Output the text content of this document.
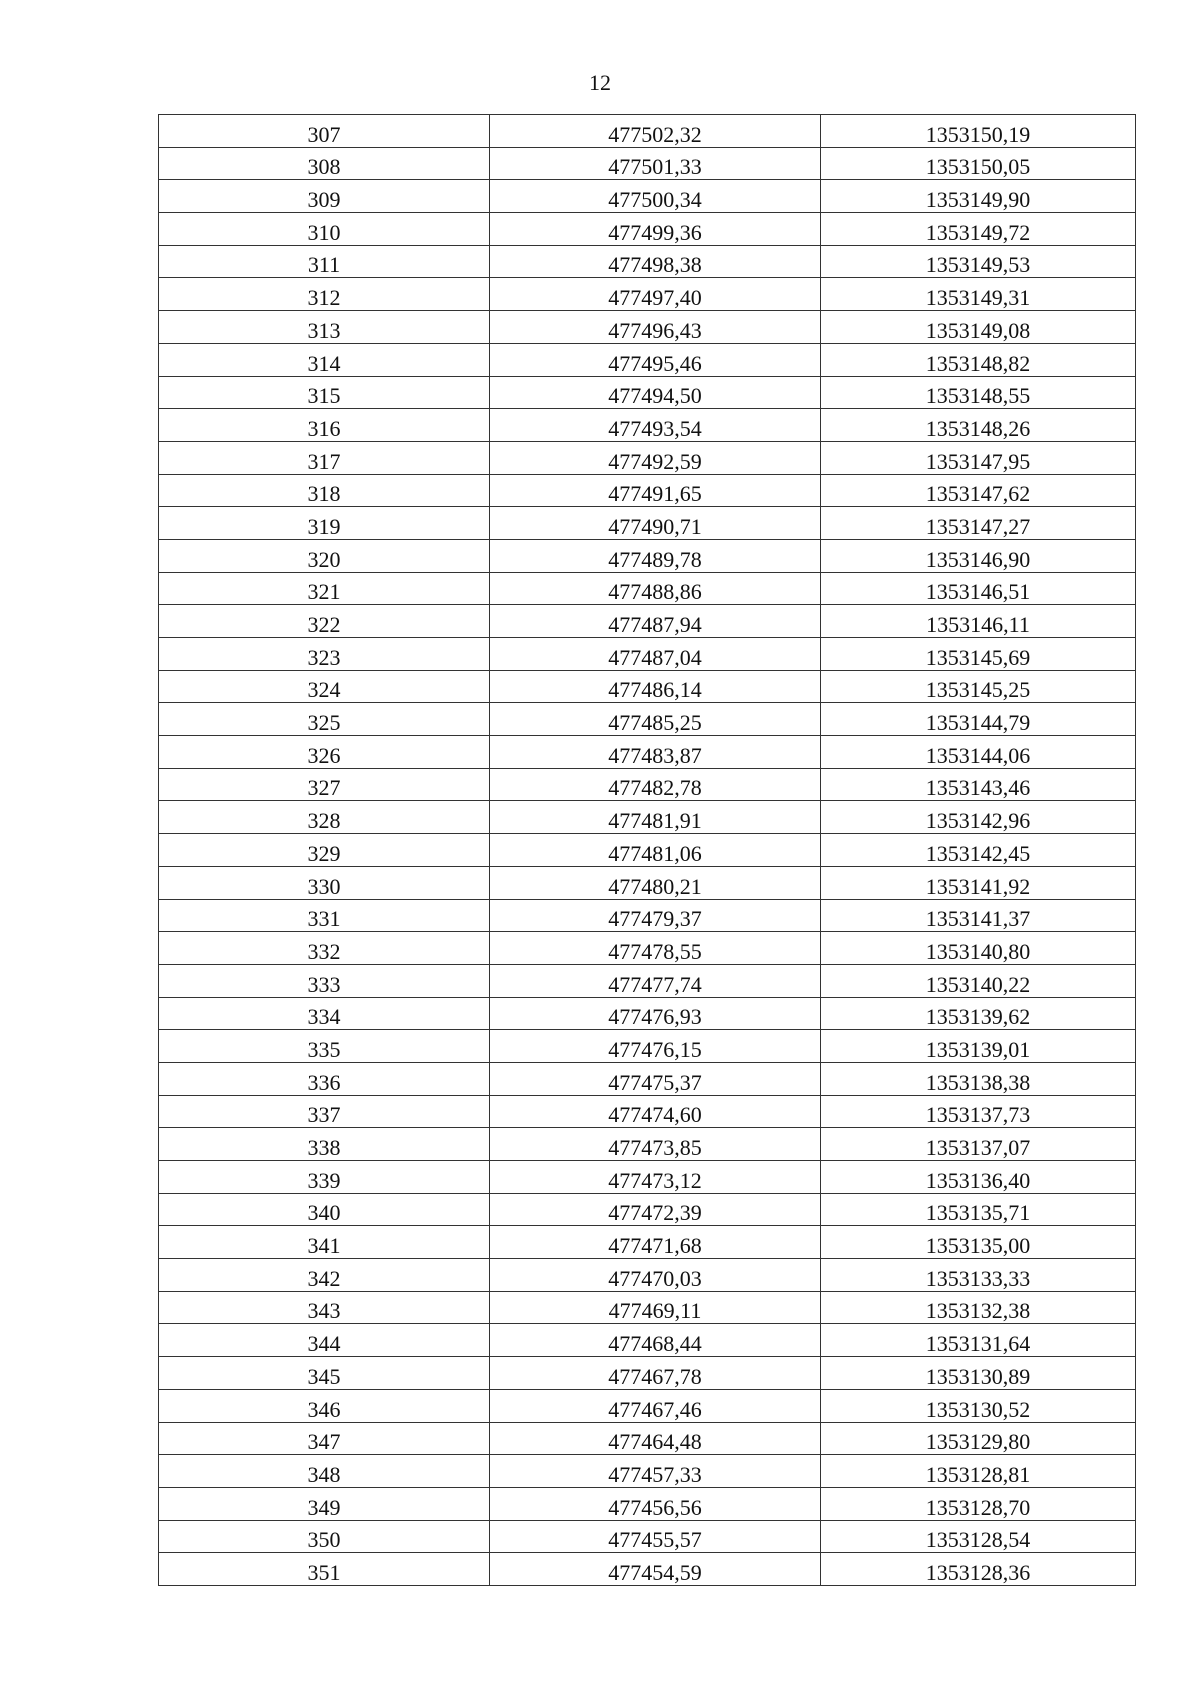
12
307	477502,32	1353150,19
308	477501,33	1353150,05
309	477500,34	1353149,90
310	477499,36	1353149,72
311	477498,38	1353149,53
312	477497,40	1353149,31
313	477496,43	1353149,08
314	477495,46	1353148,82
315	477494,50	1353148,55
316	477493,54	1353148,26
317	477492,59	1353147,95
318	477491,65	1353147,62
319	477490,71	1353147,27
320	477489,78	1353146,90
321	477488,86	1353146,51
322	477487,94	1353146,11
323	477487,04	1353145,69
324	477486,14	1353145,25
325	477485,25	1353144,79
326	477483,87	1353144,06
327	477482,78	1353143,46
328	477481,91	1353142,96
329	477481,06	1353142,45
330	477480,21	1353141,92
331	477479,37	1353141,37
332	477478,55	1353140,80
333	477477,74	1353140,22
334	477476,93	1353139,62
335	477476,15	1353139,01
336	477475,37	1353138,38
337	477474,60	1353137,73
338	477473,85	1353137,07
339	477473,12	1353136,40
340	477472,39	1353135,71
341	477471,68	1353135,00
342	477470,03	1353133,33
343	477469,11	1353132,38
344	477468,44	1353131,64
345	477467,78	1353130,89
346	477467,46	1353130,52
347	477464,48	1353129,80
348	477457,33	1353128,81
349	477456,56	1353128,70
350	477455,57	1353128,54
351	477454,59	1353128,36
